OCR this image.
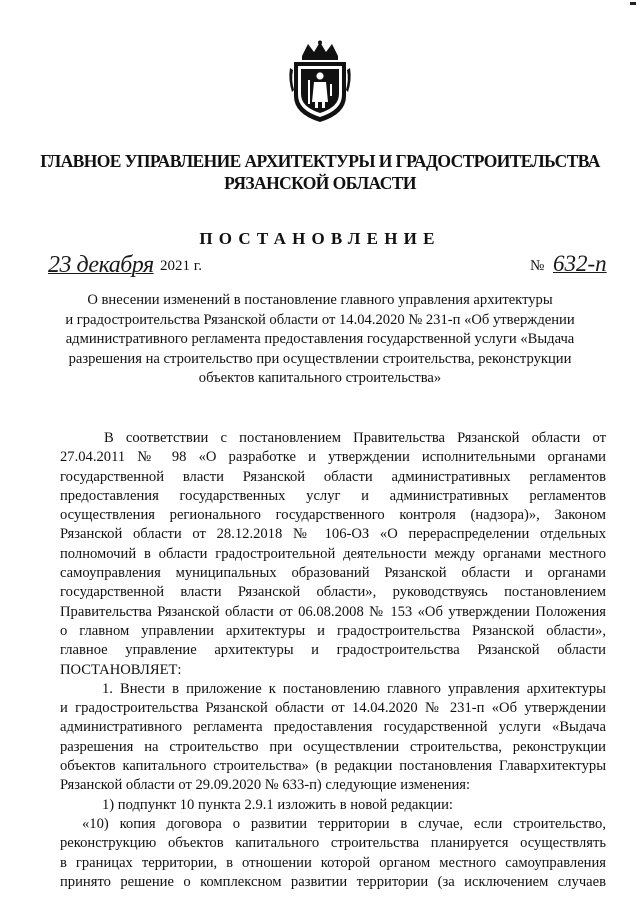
ГЛАВНОЕ УПРАВЛЕНИЕ АРХИТЕКТУРЫ И ГРАДОСТРОИТЕЛЬСТВА
РЯЗАНСКОЙ ОБЛАСТИ
ПОСТАНОВЛЕНИЕ
23 декабря 2021 г.	№ 632-п
О внесении изменений в постановление главного управления архитектуры
и градостроительства Рязанской области от 14.04.2020 № 231-п «Об утверждении
административного регламента предоставления государственной услуги «Выдача
разрешения на строительство при осуществлении строительства, реконструкции
объектов капитального строительства»
В соответствии с постановлением Правительства Рязанской области от
27.04.2011 № 98 «О разработке и утверждении исполнительными органами
государственной власти Рязанской области административных регламентов
предоставления государственных услуг и административных регламентов
осуществления регионального государственного контроля (надзора)», Законом
Рязанской области от 28.12.2018 № 106-ОЗ «О перераспределении отдельных
полномочий в области градостроительной деятельности между органами местного
самоуправления муниципальных образований Рязанской области и органами
государственной власти Рязанской области», руководствуясь постановлением
Правительства Рязанской области от 06.08.2008 № 153 «Об утверждении Положения
о главном управлении архитектуры и градостроительства Рязанской области»,
главное управление архитектуры и градостроительства Рязанской области
ПОСТАНОВЛЯЕТ:
1. Внести в приложение к постановлению главного управления архитектуры
и градостроительства Рязанской области от 14.04.2020 № 231-п «Об утверждении
административного регламента предоставления государственной услуги «Выдача
разрешения на строительство при осуществлении строительства, реконструкции
объектов капитального строительства» (в редакции постановления Главархитектуры
Рязанской области от 29.09.2020 № 633-п) следующие изменения:
1) подпункт 10 пункта 2.9.1 изложить в новой редакции:
«10) копия договора о развитии территории в случае, если строительство,
реконструкцию объектов капитального строительства планируется осуществлять
в границах территории, в отношении которой органом местного самоуправления
принято решение о комплексном развитии территории (за исключением случаев
